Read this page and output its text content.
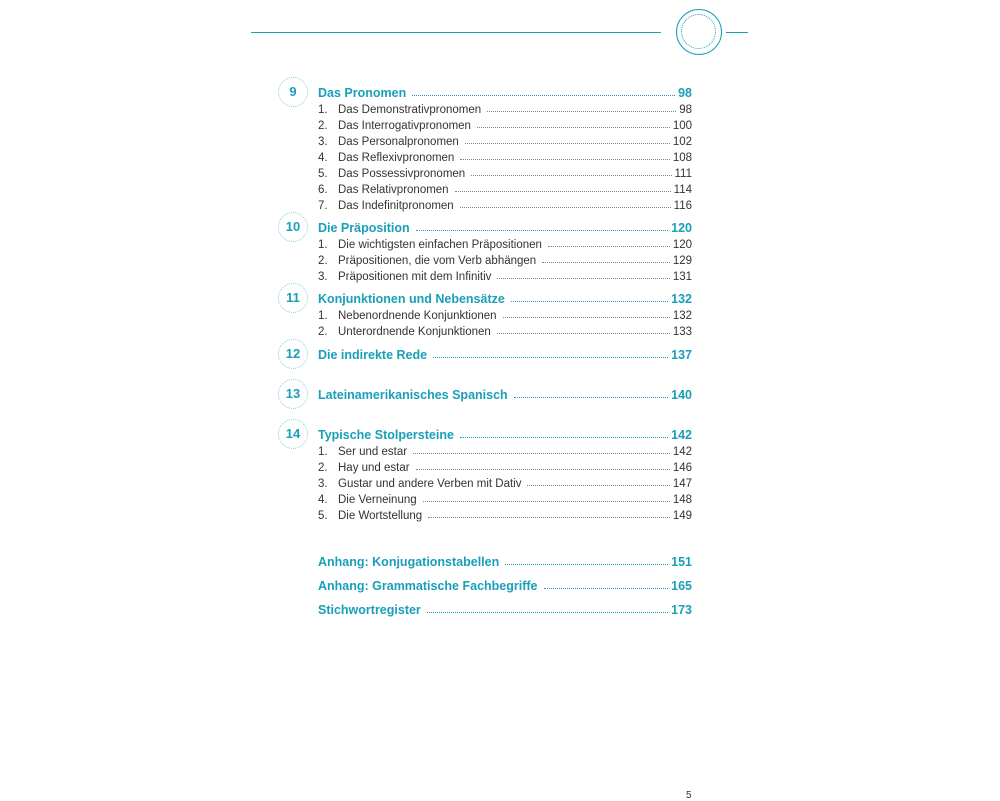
9	Das Pronomen	98
1. Das Demonstrativpronomen	98
2. Das Interrogativpronomen	100
3. Das Personalpronomen	102
4. Das Reflexivpronomen	108
5. Das Possessivpronomen	111
6. Das Relativpronomen	114
7. Das Indefinitpronomen	116
10	Die Präposition	120
1. Die wichtigsten einfachen Präpositionen	120
2. Präpositionen, die vom Verb abhängen	129
3. Präpositionen mit dem Infinitiv	131
11	Konjunktionen und Nebensätze	132
1. Nebenordnende Konjunktionen	132
2. Unterordnende Konjunktionen	133
12	Die indirekte Rede	137
13	Lateinamerikanisches Spanisch	140
14	Typische Stolpersteine	142
1. Ser und estar	142
2. Hay und estar	146
3. Gustar und andere Verben mit Dativ	147
4. Die Verneinung	148
5. Die Wortstellung	149
Anhang: Konjugationstabellen	151
Anhang: Grammatische Fachbegriffe	165
Stichwortregister	173
5
